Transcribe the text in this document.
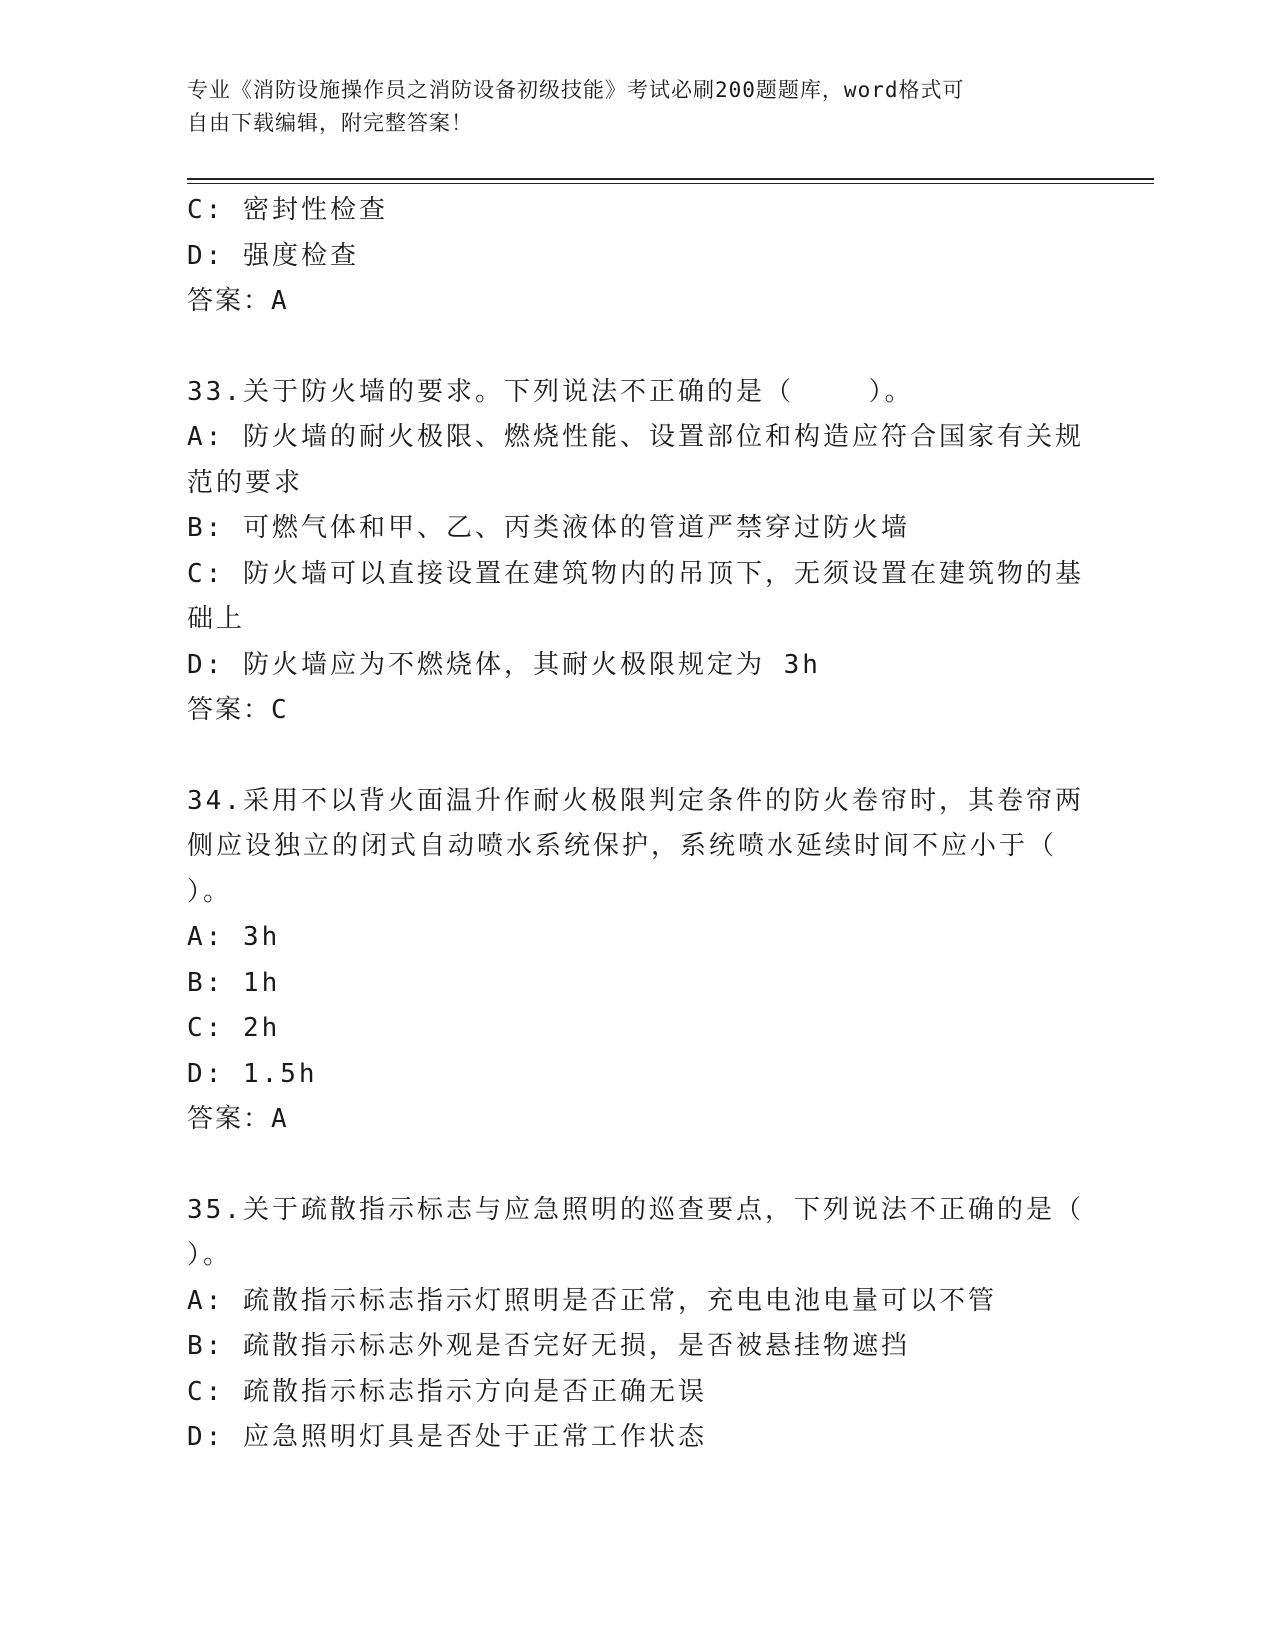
专业《消防设施操作员之消防设备初级技能》考试必刷200题题库，word格式可
自由下载编辑，附完整答案！
C: 密封性检查
D: 强度检查
答案：A
33.关于防火墙的要求。下列说法不正确的是（    ）。
A: 防火墙的耐火极限、燃烧性能、设置部位和构造应符合国家有关规
范的要求
B: 可燃气体和甲、乙、丙类液体的管道严禁穿过防火墙
C: 防火墙可以直接设置在建筑物内的吊顶下，无须设置在建筑物的基
础上
D: 防火墙应为不燃烧体，其耐火极限规定为 3h
答案：C
34.采用不以背火面温升作耐火极限判定条件的防火卷帘时，其卷帘两
侧应设独立的闭式自动喷水系统保护，系统喷水延续时间不应小于（
）。
A: 3h
B: 1h
C: 2h
D: 1.5h
答案：A
35.关于疏散指示标志与应急照明的巡查要点，下列说法不正确的是（
）。
A: 疏散指示标志指示灯照明是否正常，充电电池电量可以不管
B: 疏散指示标志外观是否完好无损，是否被悬挂物遮挡
C: 疏散指示标志指示方向是否正确无误
D: 应急照明灯具是否处于正常工作状态
